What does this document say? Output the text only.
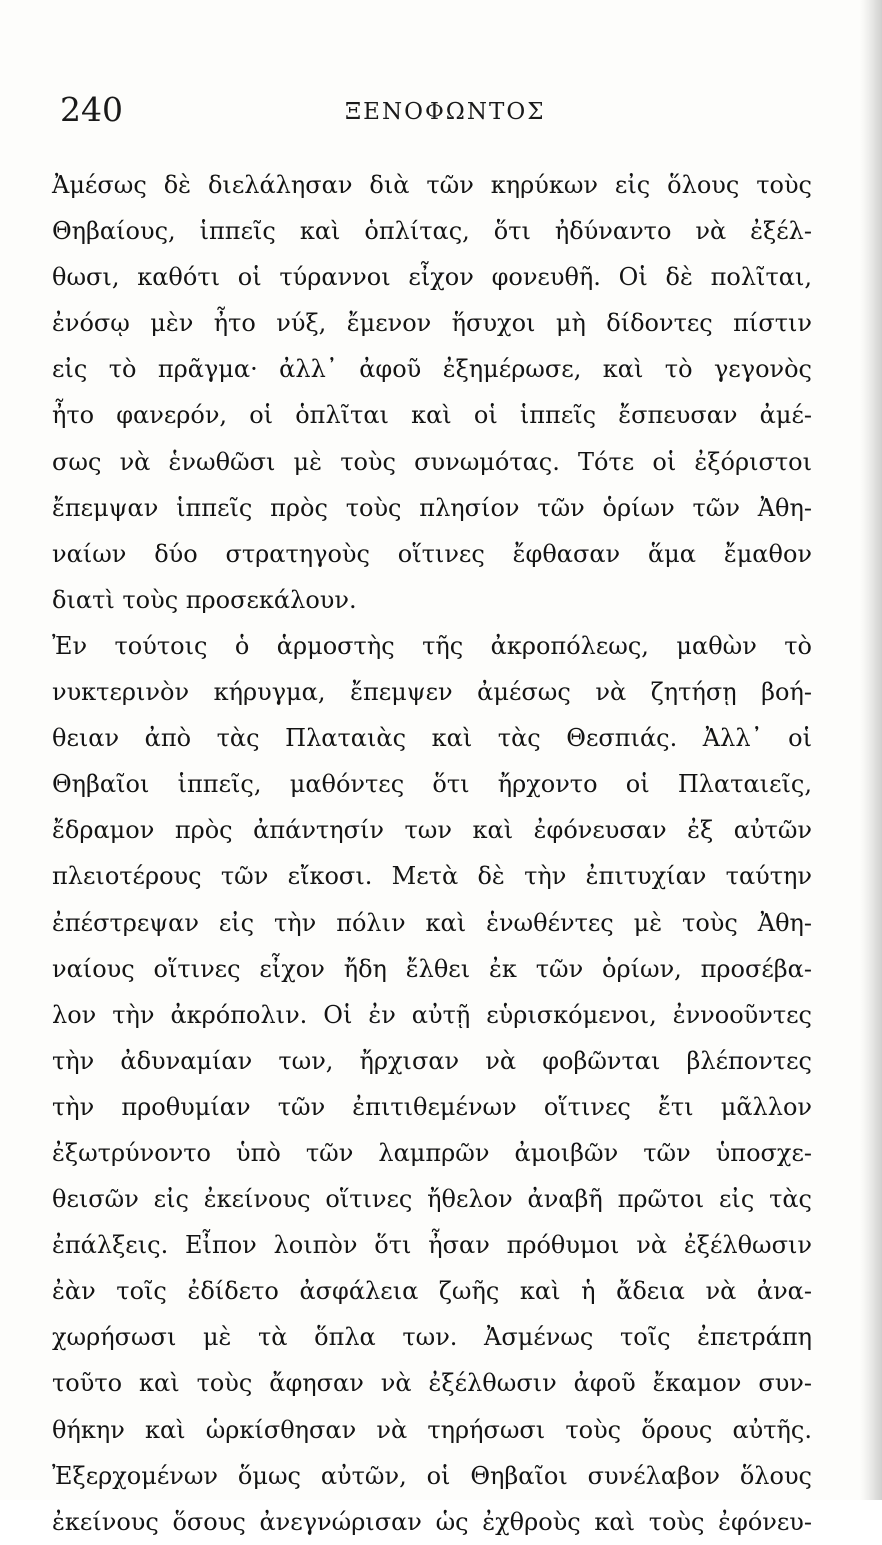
240	ΞΕΝΟΦΩΝΤΟΣ
Ἀμέσως δὲ διελάλησαν διὰ τῶν κηρύκων εἰς ὅλους τοὺς
Θηβαίους, ἱππεῖς καὶ ὁπλίτας, ὅτι ἠδύναντο νὰ ἐξέλ-
θωσι, καθότι οἱ τύραννοι εἶχον φονευθῆ. Οἱ δὲ πολῖται,
ἐνόσῳ μὲν ἦτο νύξ, ἔμενον ἥσυχοι μὴ δίδοντες πίστιν
εἰς τὸ πρᾶγμα· ἀλλ᾽ ἀφοῦ ἐξημέρωσε, καὶ τὸ γεγονὸς
ἦτο φανερόν, οἱ ὁπλῖται καὶ οἱ ἱππεῖς ἔσπευσαν ἀμέ-
σως νὰ ἑνωθῶσι μὲ τοὺς συνωμότας. Τότε οἱ ἐξόριστοι
ἔπεμψαν ἱππεῖς πρὸς τοὺς πλησίον τῶν ὁρίων τῶν Ἀθη-
ναίων δύο στρατηγοὺς οἵτινες ἔφθασαν ἅμα ἔμαθον
διατὶ τοὺς προσεκάλουν.
Ἐν τούτοις ὁ ἁρμοστὴς τῆς ἀκροπόλεως, μαθὼν τὸ
νυκτερινὸν κήρυγμα, ἔπεμψεν ἀμέσως νὰ ζητήσῃ βοή-
θειαν ἀπὸ τὰς Πλαταιὰς καὶ τὰς Θεσπιάς. Ἀλλ᾽ οἱ
Θηβαῖοι ἱππεῖς, μαθόντες ὅτι ἤρχοντο οἱ Πλαταιεῖς,
ἔδραμον πρὸς ἀπάντησίν των καὶ ἐφόνευσαν ἐξ αὐτῶν
πλειοτέρους τῶν εἴκοσι. Μετὰ δὲ τὴν ἐπιτυχίαν ταύτην
ἐπέστρεψαν εἰς τὴν πόλιν καὶ ἑνωθέντες μὲ τοὺς Ἀθη-
ναίους οἵτινες εἶχον ἤδη ἔλθει ἐκ τῶν ὁρίων, προσέβα-
λον τὴν ἀκρόπολιν. Οἱ ἐν αὐτῇ εὑρισκόμενοι, ἐννοοῦντες
τὴν ἀδυναμίαν των, ἤρχισαν νὰ φοβῶνται βλέποντες
τὴν προθυμίαν τῶν ἐπιτιθεμένων οἵτινες ἔτι μᾶλλον
ἐξωτρύνοντο ὑπὸ τῶν λαμπρῶν ἀμοιβῶν τῶν ὑποσχε-
θεισῶν εἰς ἐκείνους οἵτινες ἤθελον ἀναβῆ πρῶτοι εἰς τὰς
ἐπάλξεις. Εἶπον λοιπὸν ὅτι ἦσαν πρόθυμοι νὰ ἐξέλθωσιν
ἐὰν τοῖς ἐδίδετο ἀσφάλεια ζωῆς καὶ ἡ ἄδεια νὰ ἀνα-
χωρήσωσι μὲ τὰ ὅπλα των. Ἀσμένως τοῖς ἐπετράπη
τοῦτο καὶ τοὺς ἄφησαν νὰ ἐξέλθωσιν ἀφοῦ ἔκαμον συν-
θήκην καὶ ὡρκίσθησαν νὰ τηρήσωσι τοὺς ὅρους αὐτῆς.
Ἐξερχομένων ὅμως αὐτῶν, οἱ Θηβαῖοι συνέλαβον ὅλους
ἐκείνους ὅσους ἀνεγνώρισαν ὡς ἐχθροὺς καὶ τοὺς ἐφόνευ-
